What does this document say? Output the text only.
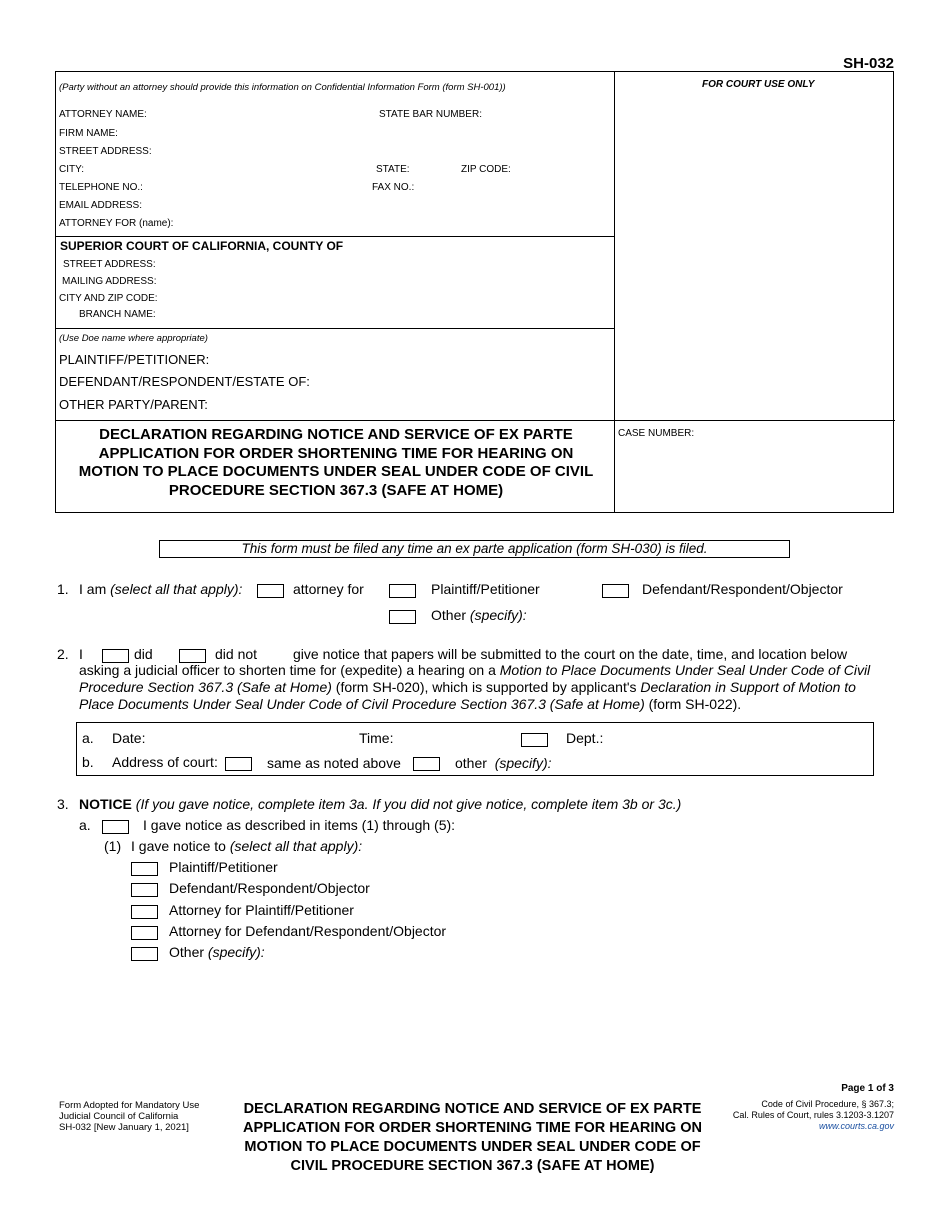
SH-032
(Party without an attorney should provide this information on Confidential Information Form (form SH-001))	FOR COURT USE ONLY
ATTORNEY NAME:	STATE BAR NUMBER:
FIRM NAME:
STREET ADDRESS:
CITY:	STATE:	ZIP CODE:
TELEPHONE NO.:	FAX NO.:
EMAIL ADDRESS:
ATTORNEY FOR (name):
SUPERIOR COURT OF CALIFORNIA, COUNTY OF
STREET ADDRESS:
MAILING ADDRESS:
CITY AND ZIP CODE:
BRANCH NAME:
(Use Doe name where appropriate)
PLAINTIFF/PETITIONER:
DEFENDANT/RESPONDENT/ESTATE OF:
OTHER PARTY/PARENT:
DECLARATION REGARDING NOTICE AND SERVICE OF EX PARTE
APPLICATION FOR ORDER SHORTENING TIME FOR HEARING ON
MOTION TO PLACE DOCUMENTS UNDER SEAL UNDER CODE OF CIVIL
PROCEDURE SECTION 367.3 (SAFE AT HOME)
CASE NUMBER:
This form must be filed any time an ex parte application (form SH-030) is filed.
1. I am (select all that apply):	attorney for	Plaintiff/Petitioner	Defendant/Respondent/Objector
Other (specify):
2. I	did	did not	give notice that papers will be submitted to the court on the date, time, and location below
asking a judicial officer to shorten time for (expedite) a hearing on a Motion to Place Documents Under Seal Under Code of Civil Procedure Section 367.3 (Safe at Home) (form SH-020), which is supported by applicant's Declaration in Support of Motion to Place Documents Under Seal Under Code of Civil Procedure Section 367.3 (Safe at Home) (form SH-022).
a. Date:	Time:	Dept.:
b. Address of court:	same as noted above	other (specify):
3. NOTICE (If you gave notice, complete item 3a. If you did not give notice, complete item 3b or 3c.)
a.	I gave notice as described in items (1) through (5):
(1) I gave notice to (select all that apply):
Plaintiff/Petitioner
Defendant/Respondent/Objector
Attorney for Plaintiff/Petitioner
Attorney for Defendant/Respondent/Objector
Other (specify):
Page 1 of 3
Form Adopted for Mandatory Use
Judicial Council of California
SH-032 [New January 1, 2021]
DECLARATION REGARDING NOTICE AND SERVICE OF EX PARTE
APPLICATION FOR ORDER SHORTENING TIME FOR HEARING ON
MOTION TO PLACE DOCUMENTS UNDER SEAL UNDER CODE OF
CIVIL PROCEDURE SECTION 367.3 (SAFE AT HOME)
Code of Civil Procedure, § 367.3;
Cal. Rules of Court, rules 3.1203-3.1207
www.courts.ca.gov
